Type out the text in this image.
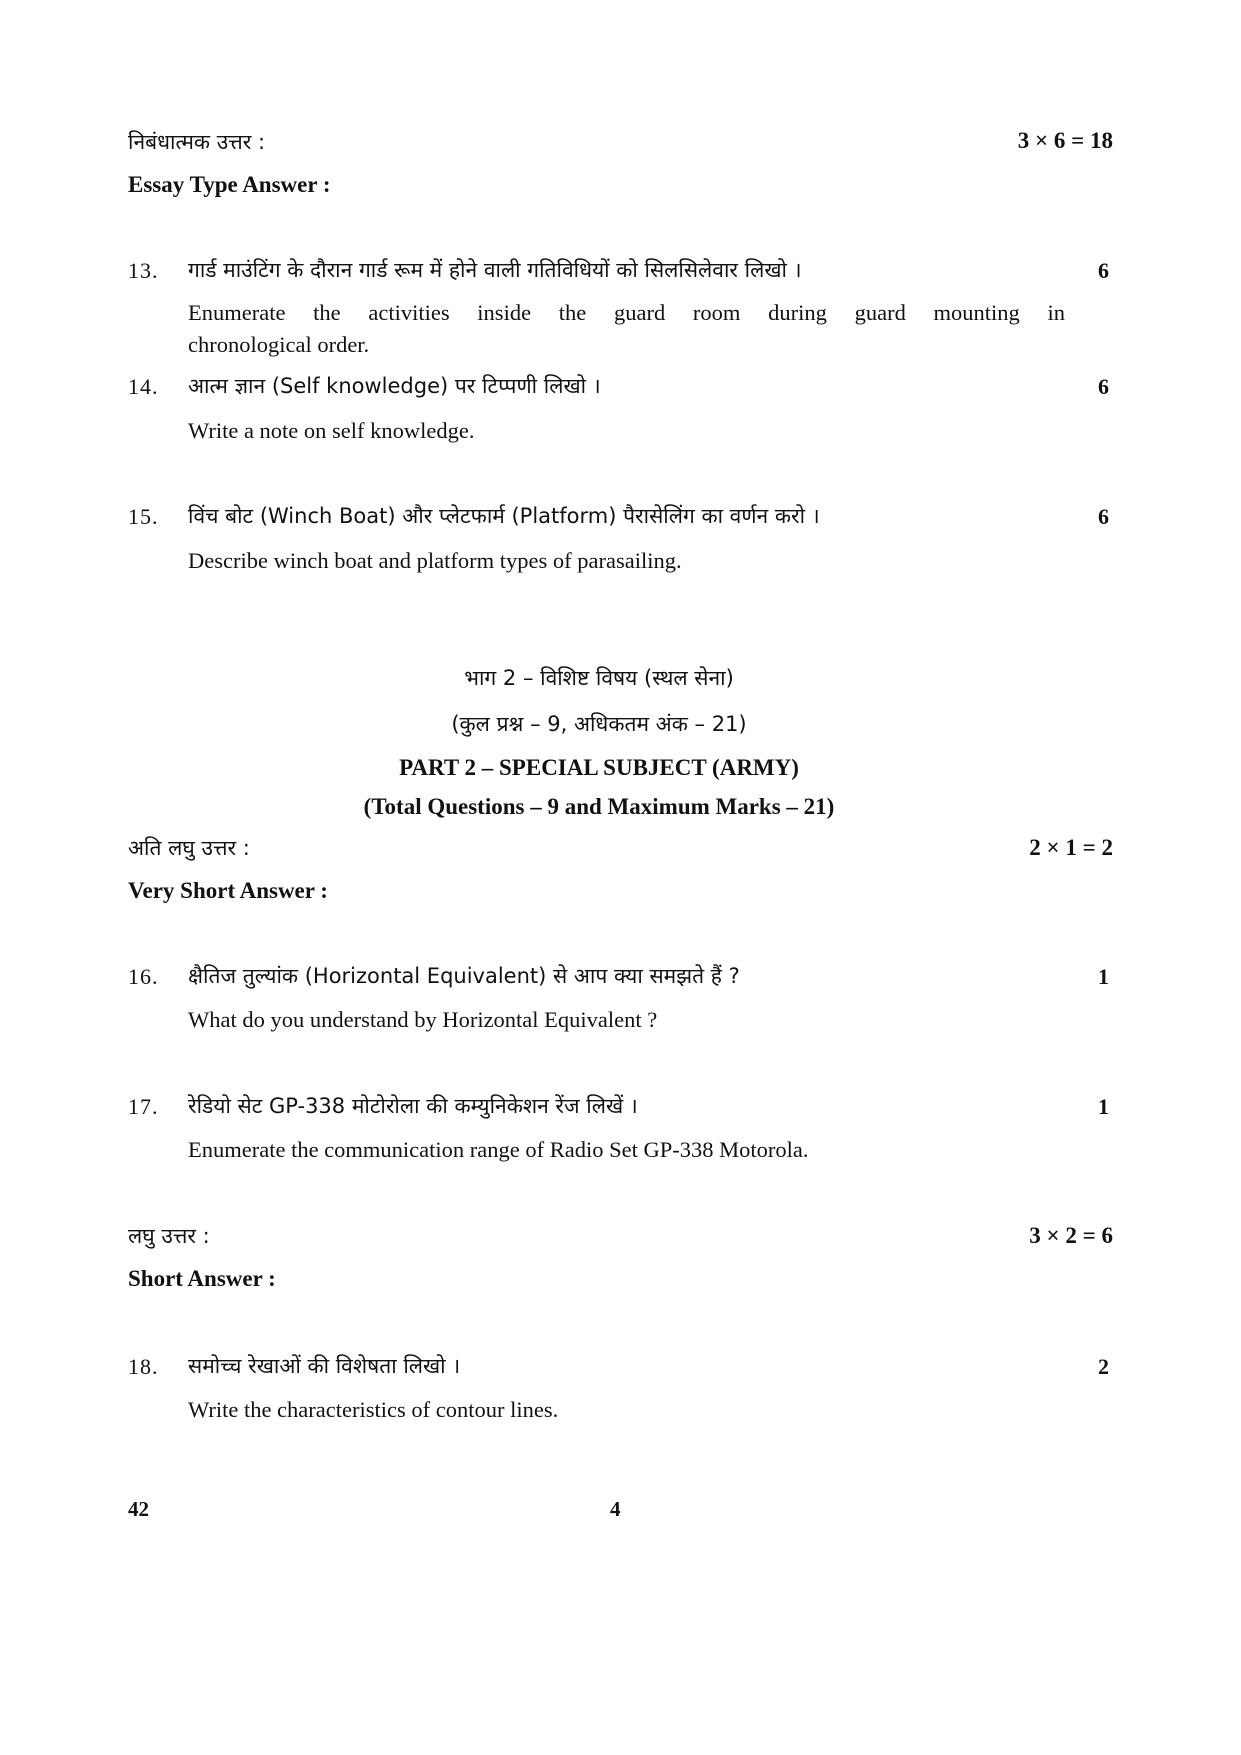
निबंधात्मक उत्तर :	3 × 6 = 18
Essay Type Answer :
13. गार्ड माउंटिंग के दौरान गार्ड रूम में होने वाली गतिविधियों को सिलसिलेवार लिखो ।	6
Enumerate the activities inside the guard room during guard mounting in
chronological order.
14. आत्म ज्ञान (Self knowledge) पर टिप्पणी लिखो ।	6
Write a note on self knowledge.
15. विंच बोट (Winch Boat) और प्लेटफार्म (Platform) पैरासेलिंग का वर्णन करो ।	6
Describe winch boat and platform types of parasailing.
भाग 2 – विशिष्ट विषय (स्थल सेना)
(कुल प्रश्न – 9, अधिकतम अंक – 21)
PART 2 – SPECIAL SUBJECT (ARMY)
(Total Questions – 9 and Maximum Marks – 21)
अति लघु उत्तर :	2 × 1 = 2
Very Short Answer :
16. क्षैतिज तुल्यांक (Horizontal Equivalent) से आप क्या समझते हैं ?	1
What do you understand by Horizontal Equivalent ?
17. रेडियो सेट GP-338 मोटोरोला की कम्युनिकेशन रेंज लिखें ।	1
Enumerate the communication range of Radio Set GP-338 Motorola.
लघु उत्तर :	3 × 2 = 6
Short Answer :
18. समोच्च रेखाओं की विशेषता लिखो ।	2
Write the characteristics of contour lines.
42	4
